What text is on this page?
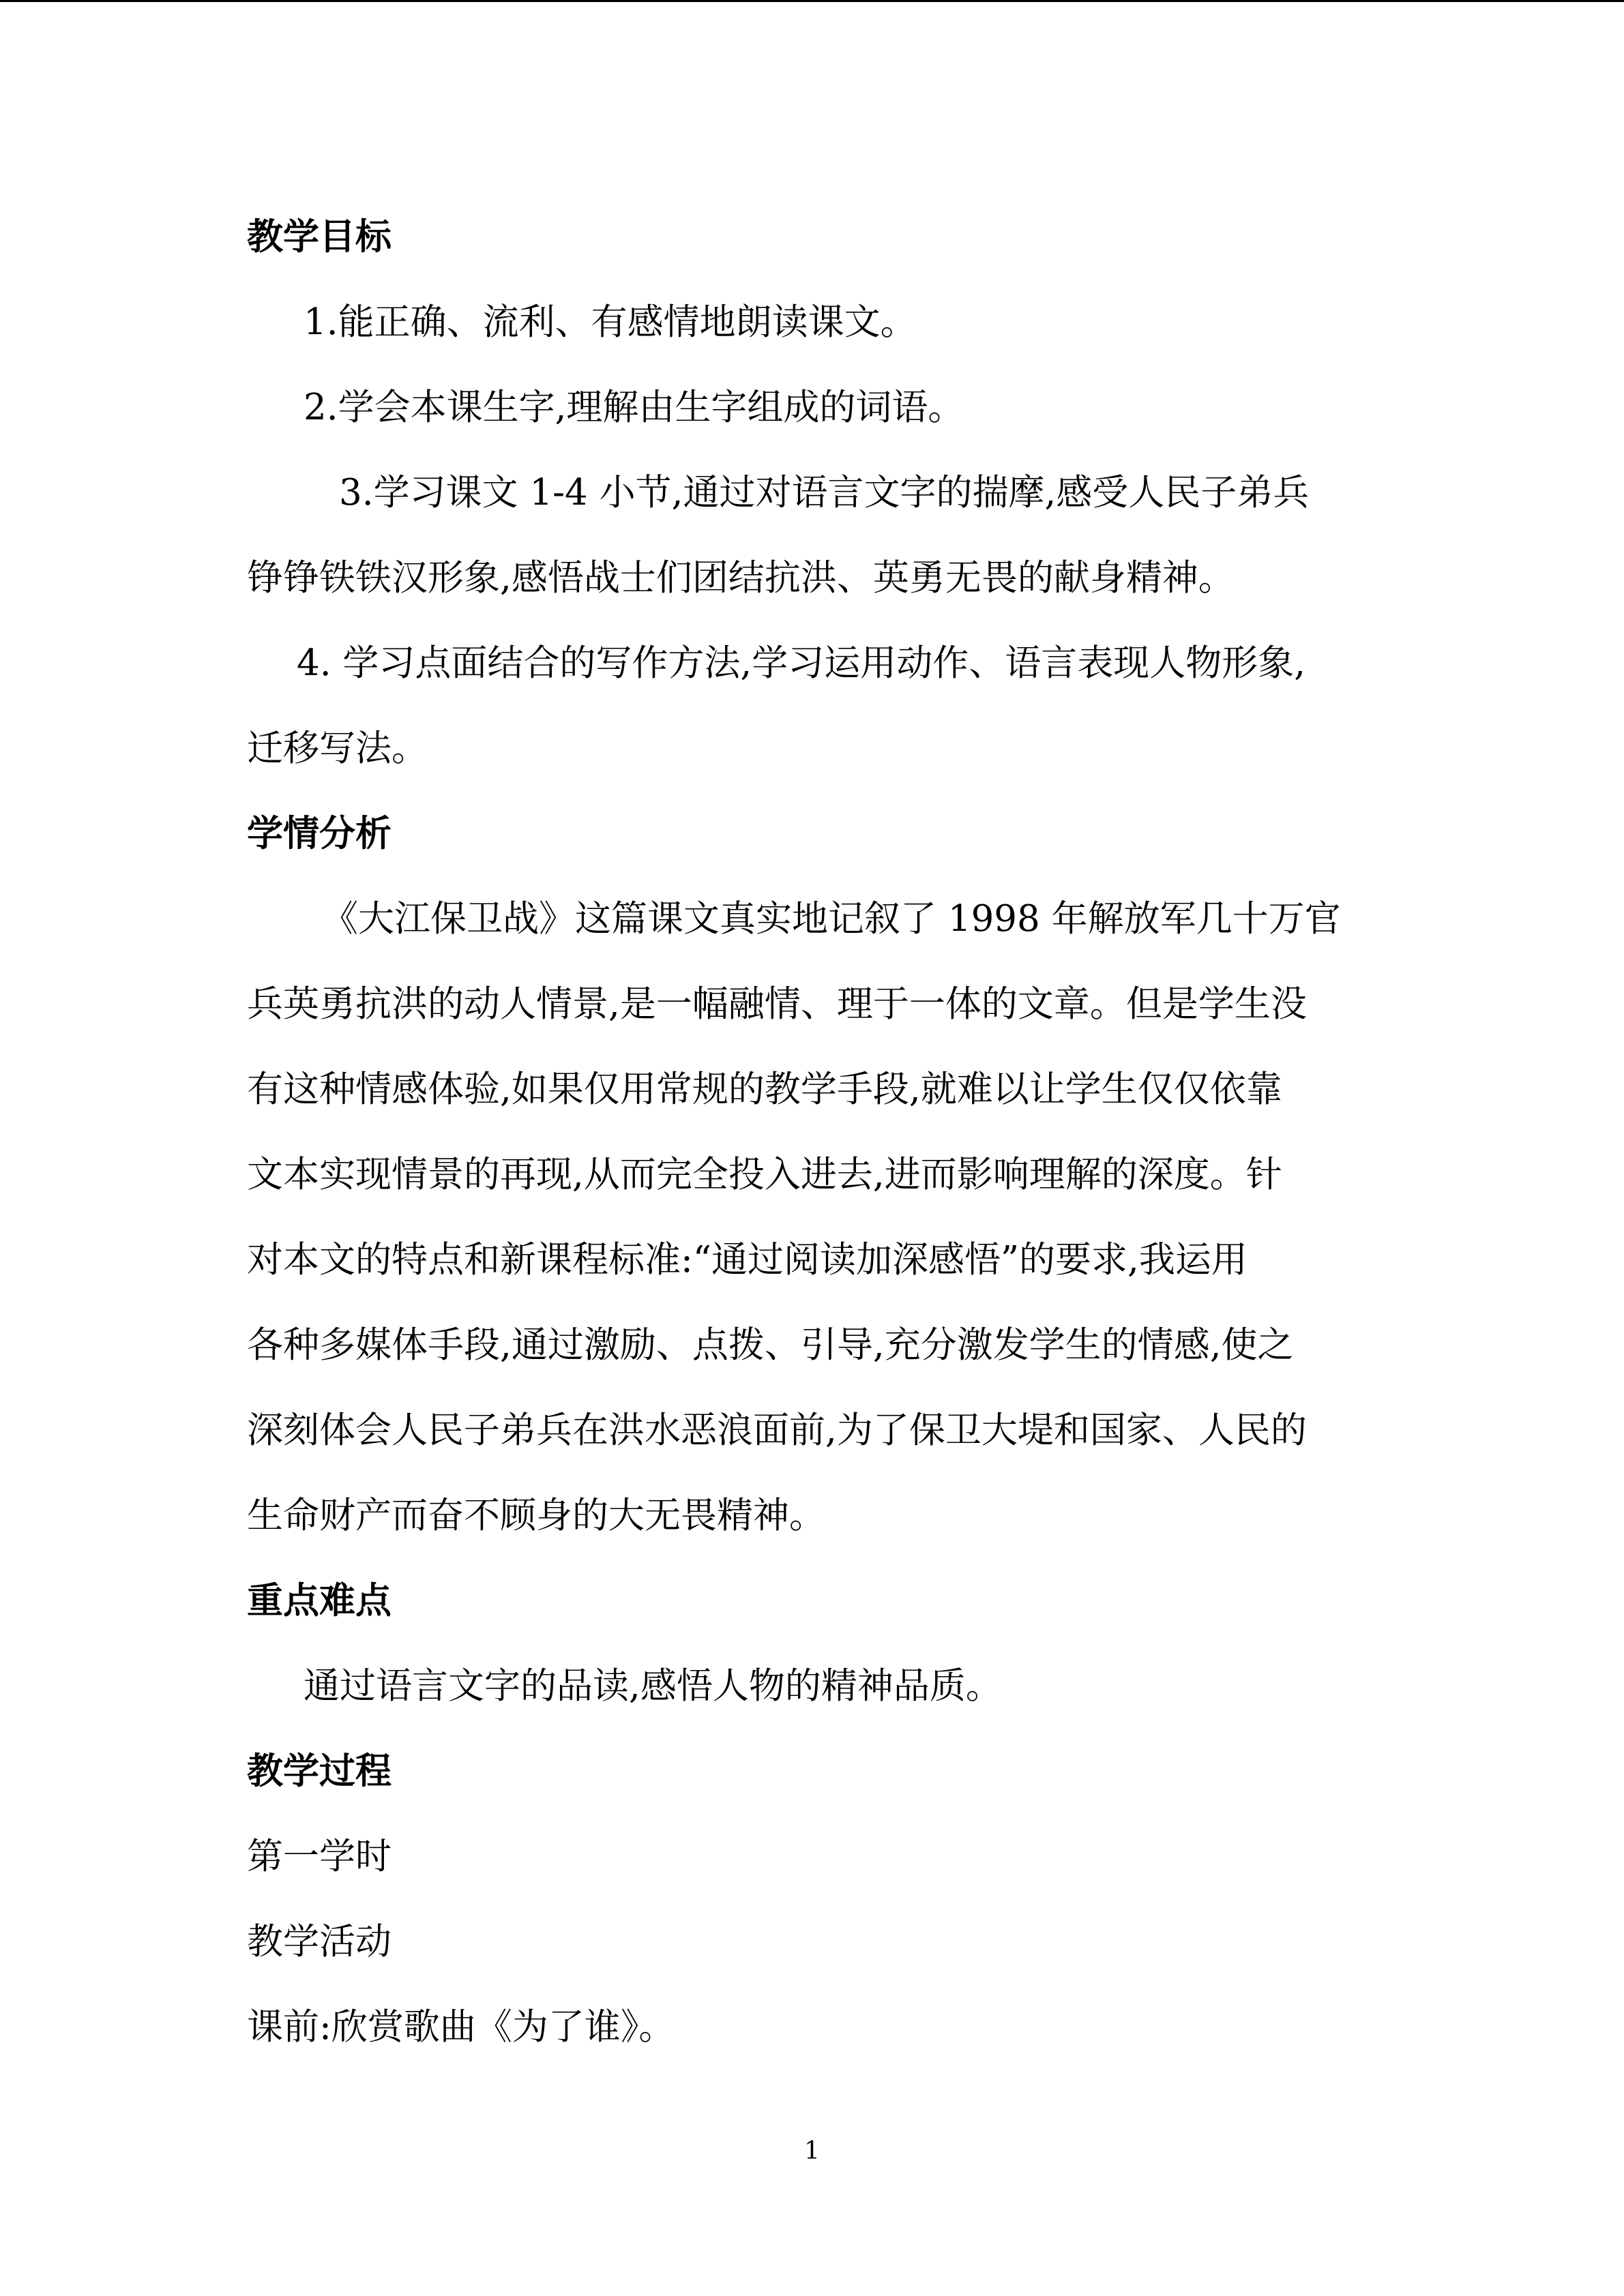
教学目标
1.能正确、流利、有感情地朗读课文。
2.学会本课生字,理解由生字组成的词语。
3.学习课文 1-4 小节,通过对语言文字的揣摩,感受人民子弟兵
铮铮铁铁汉形象,感悟战士们团结抗洪、英勇无畏的献身精神。
4. 学习点面结合的写作方法,学习运用动作、语言表现人物形象,
迁移写法。
学情分析
《大江保卫战》这篇课文真实地记叙了 1998 年解放军几十万官
兵英勇抗洪的动人情景,是一幅融情、理于一体的文章。但是学生没
有这种情感体验,如果仅用常规的教学手段,就难以让学生仅仅依靠
文本实现情景的再现,从而完全投入进去,进而影响理解的深度。针
对本文的特点和新课程标准:“通过阅读加深感悟”的要求,我运用
各种多媒体手段,通过激励、点拨、引导,充分激发学生的情感,使之
深刻体会人民子弟兵在洪水恶浪面前,为了保卫大堤和国家、人民的
生命财产而奋不顾身的大无畏精神。
重点难点
通过语言文字的品读,感悟人物的精神品质。
教学过程
第一学时
教学活动
课前:欣赏歌曲《为了谁》。
1
